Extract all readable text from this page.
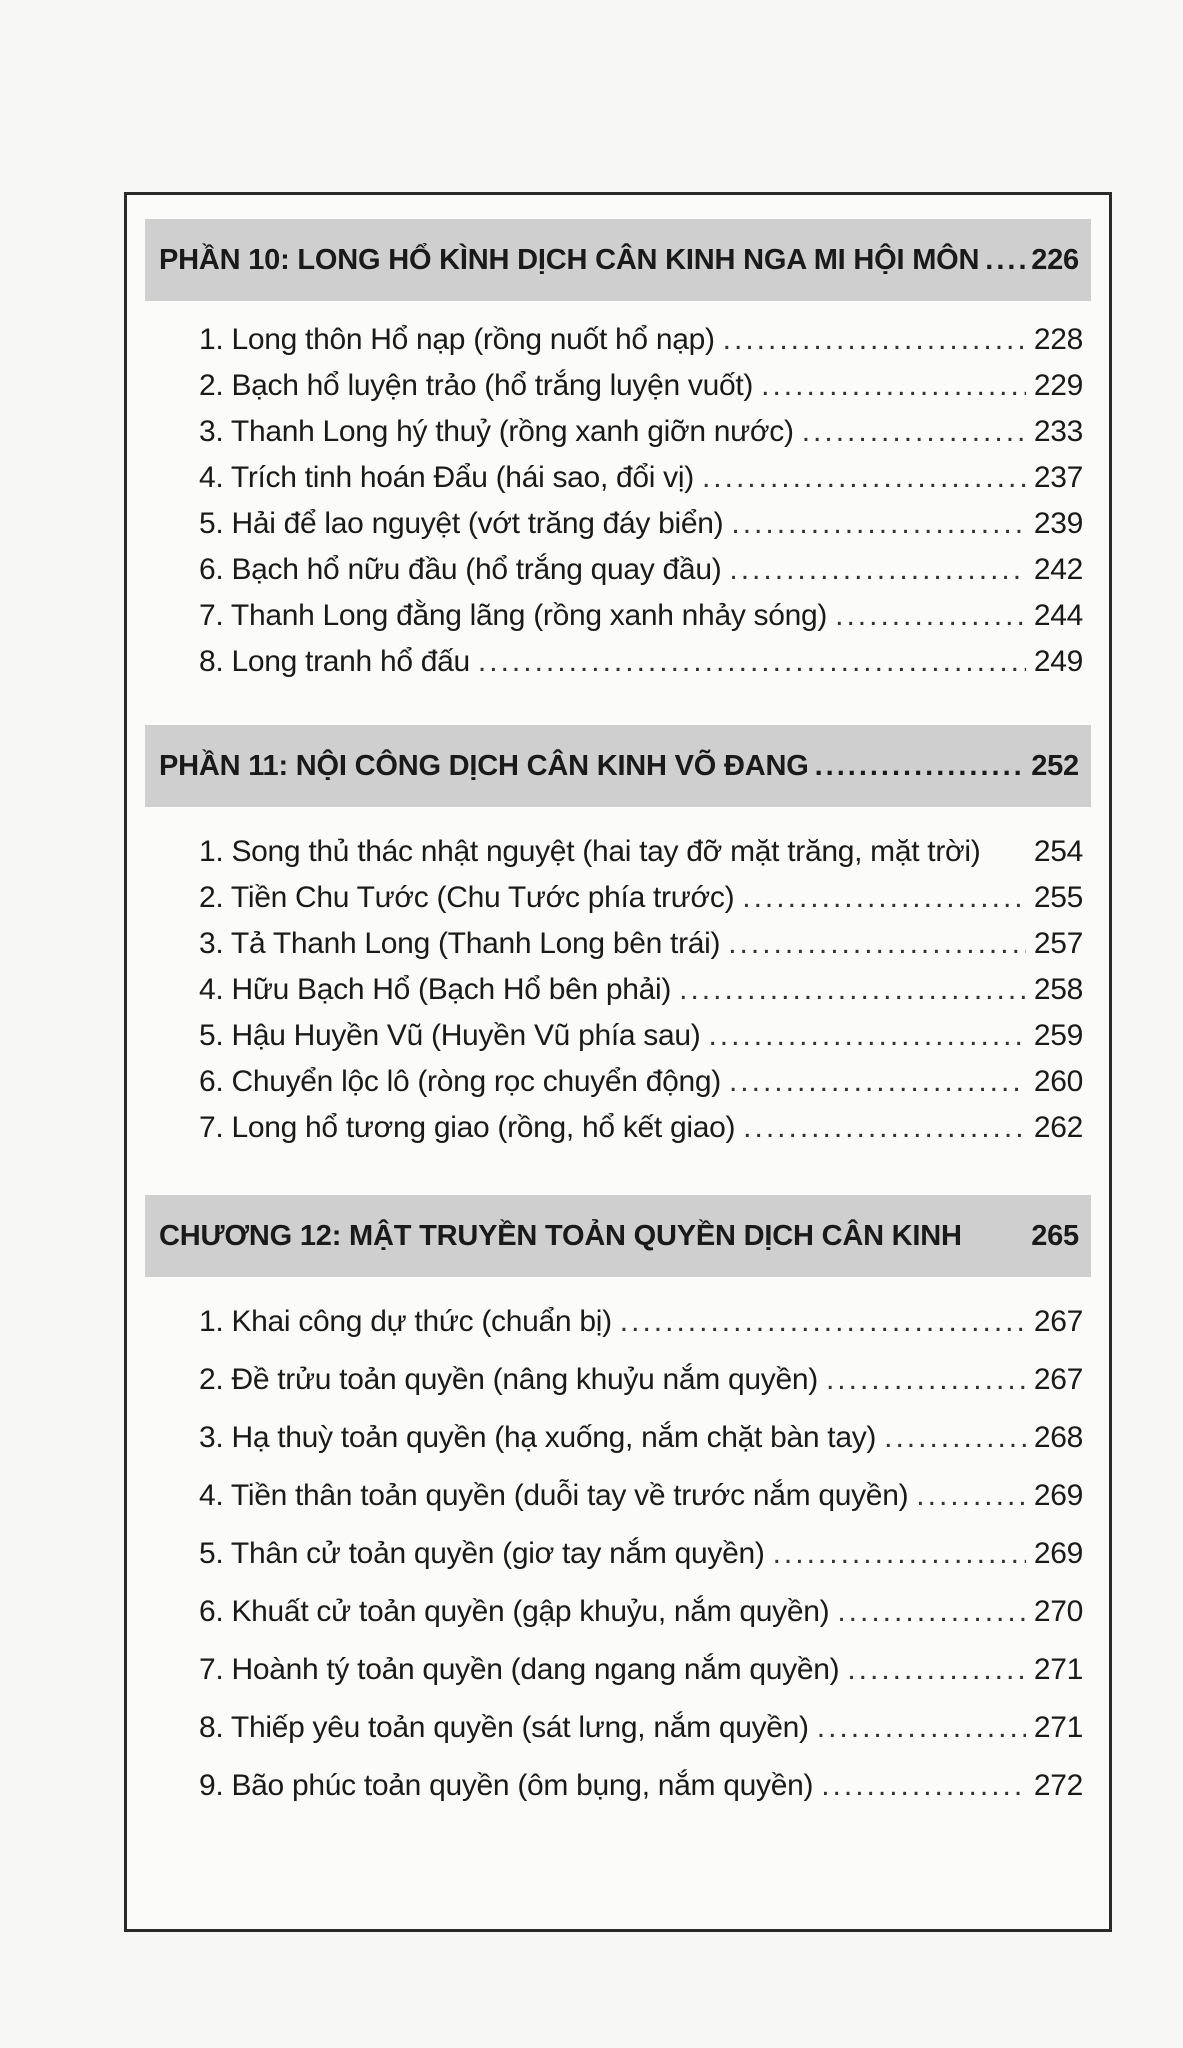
PHẦN 10: LONG HỔ KÌNH DỊCH CÂN KINH NGA MI HỘI MÔN ..... 226
1. Long thôn Hổ nạp (rồng nuốt hổ nạp) .....	228
2. Bạch hổ luyện trảo (hổ trắng luyện vuốt) .....	229
3. Thanh Long hý thuỷ (rồng xanh giỡn nước) .....	233
4. Trích tinh hoán Đẩu (hái sao, đổi vị) .....	237
5. Hải để lao nguyệt (vớt trăng đáy biển) .....	239
6. Bạch hổ nữu đầu (hổ trắng quay đầu) .....	242
7. Thanh Long đằng lãng (rồng xanh nhảy sóng) .....	244
8. Long tranh hổ đấu .....	249
PHẦN 11: NỘI CÔNG DỊCH CÂN KINH VÕ ĐANG .....	252
1. Song thủ thác nhật nguyệt (hai tay đỡ mặt trăng, mặt trời) 254
2. Tiền Chu Tước (Chu Tước phía trước) .....	255
3. Tả Thanh Long (Thanh Long bên trái) .....	257
4. Hữu Bạch Hổ (Bạch Hổ bên phải) .....	258
5. Hậu Huyền Vũ (Huyền Vũ phía sau) .....	259
6. Chuyển lộc lô (ròng rọc chuyển động) .....	260
7. Long hổ tương giao (rồng, hổ kết giao) .....	262
CHƯƠNG 12: MẬT TRUYỀN TOẢN QUYỀN DỊCH CÂN KINH 265
1. Khai công dự thức (chuẩn bị) .....	267
2. Đề trửu toản quyền (nâng khuỷu nắm quyền) .....	267
3. Hạ thuỳ toản quyền (hạ xuống, nắm chặt bàn tay) .....	268
4. Tiền thân toản quyền (duỗi tay về trước nắm quyền) .....	269
5. Thân cử toản quyền (giơ tay nắm quyền) .....	269
6. Khuất cử toản quyền (gập khuỷu, nắm quyền) .....	270
7. Hoành tý toản quyền (dang ngang nắm quyền) .....	271
8. Thiếp yêu toản quyền (sát lưng, nắm quyền) .....	271
9. Bão phúc toản quyền (ôm bụng, nắm quyền) .....	272
